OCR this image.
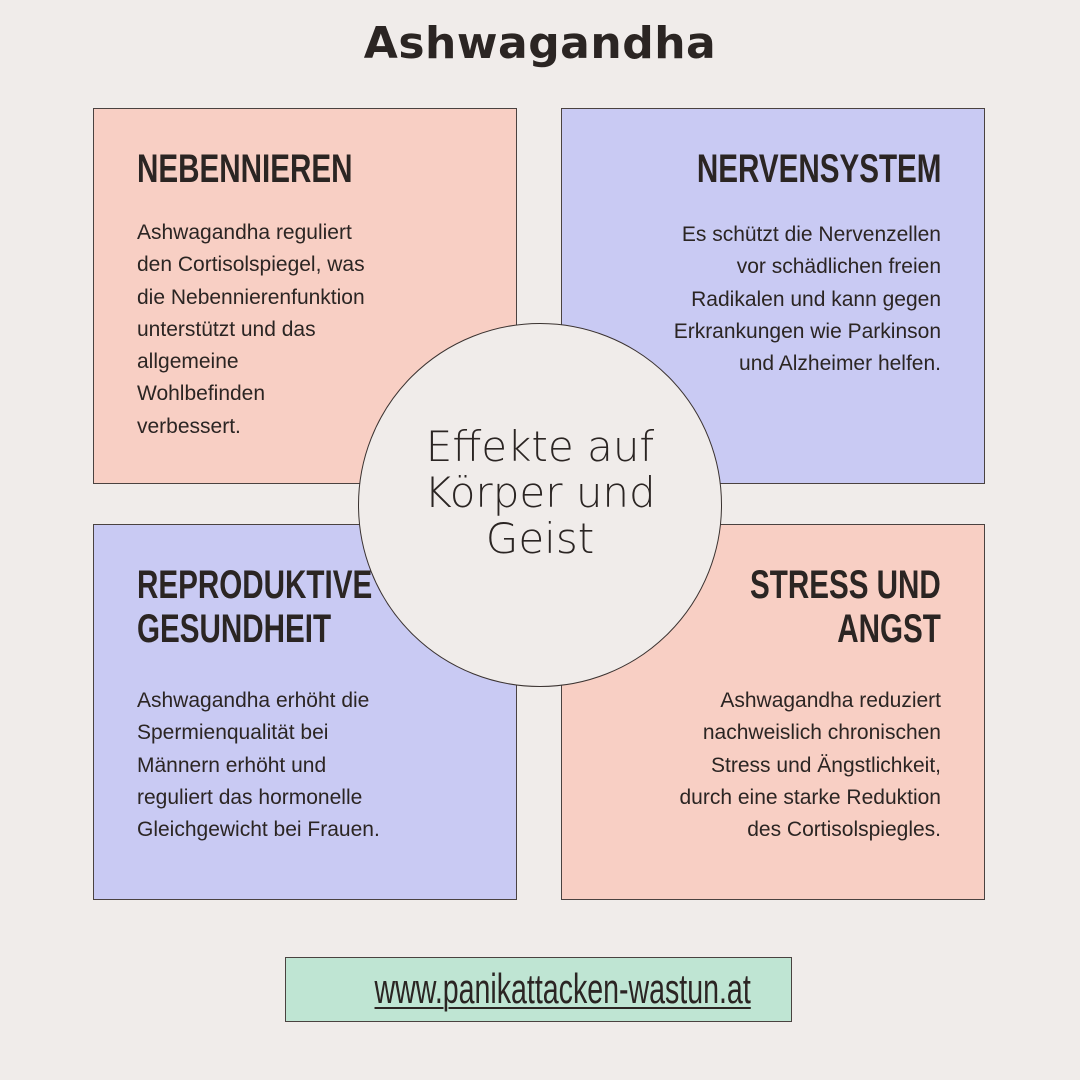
Ashwagandha
NEBENNIEREN
Ashwagandha reguliert
den Cortisolspiegel, was
die Nebennierenfunktion
unterstützt und das
allgemeine
Wohlbefinden
verbessert.
NERVENSYSTEM
Es schützt die Nervenzellen
vor schädlichen freien
Radikalen und kann gegen
Erkrankungen wie Parkinson
und Alzheimer helfen.
REPRODUKTIVE
GESUNDHEIT
Ashwagandha erhöht die
Spermienqualität bei
Männern erhöht und
reguliert das hormonelle
Gleichgewicht bei Frauen.
STRESS UND
ANGST
Ashwagandha reduziert
nachweislich chronischen
Stress und Ängstlichkeit,
durch eine starke Reduktion
des Cortisolspiegles.
Effekte auf
Körper und
Geist
www.panikattacken-wastun.at
